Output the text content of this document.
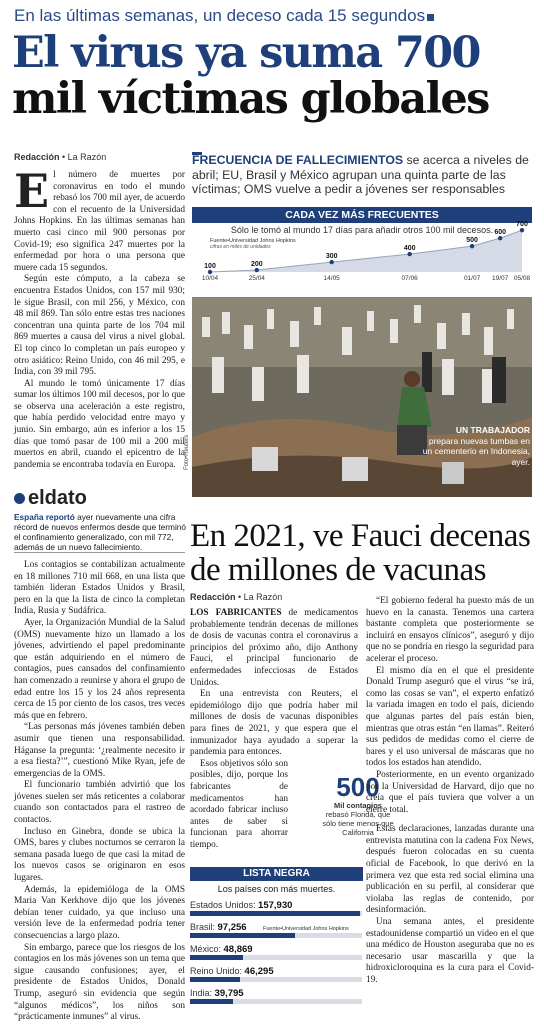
En las últimas semanas, un deceso cada 15 segundos
El virus ya suma 700
mil víctimas globales
Redacción • La Razón

El número de muertes por coronavirus en todo el mundo rebasó los 700 mil ayer, de acuerdo con el recuento de la Universidad Johns Hopkins. En las últimas semanas han muerto casi cinco mil 900 personas por Covid-19; eso significa 247 muertes por la enfermedad por hora o una persona que muere cada 15 segundos.

Según este cómputo, a la cabeza se encuentra Estados Unidos, con 157 mil 930; le sigue Brasil, con mil 256, y México, con 48 mil 869. Tan sólo entre estas tres naciones concentran una quinta parte de los 704 mil 869 muertes a causa del virus a nivel global. El top cinco lo completan un país europeo y otro asiático: Reino Unido, con 46 mil 295, e India, con 39 mil 795.

Al mundo le tomó únicamente 17 días sumar los últimos 100 mil decesos, por lo que se observa una aceleración a este registro, que había perdido velocidad entre mayo y junio. Sin embargo, aún es inferior a los 15 días que tomó pasar de 100 mil a 200 mil muertos en abril, cuando el epicentro de la pandemia se encontraba todavía en Europa.

eldato
España reportó ayer nuevamente una cifra récord de nuevos enfermos desde que terminó el confinamiento generalizado, con mil 772, además de un nuevo fallecimiento.

Los contagios se contabilizan actualmente en 18 millones 710 mil 668, en una lista que también lideran Estados Unidos y Brasil, pero en la que la lista de cinco la completan India, Rusia y Sudáfrica.

Ayer, la Organización Mundial de la Salud (OMS) nuevamente hizo un llamado a los jóvenes, advirtiendo el papel predominante que están adquiriendo en el número de contagios, pues cansados del confinamiento han comenzado a reunirse y ahora el grupo de edad entre los 15 y los 24 años representa cerca de 15 por ciento de los casos, tres veces más que en febrero.

“Las personas más jóvenes también deben asumir que tienen una responsabilidad. Háganse la pregunta: ‘¿realmente necesito ir a esa fiesta?’”, cuestionó Mike Ryan, jefe de emergencias de la OMS.

El funcionario también advirtió que los jóvenes suelen ser más reticentes a colaborar cuando son contactados para el rastreo de contactos.

Incluso en Ginebra, donde se ubica la OMS, bares y clubes nocturnos se cerraron la semana pasada luego de que casi la mitad de los nuevos casos se originaron en esos lugares.

Además, la epidemióloga de la OMS Maria Van Kerkhove dijo que los jóvenes debían tener cuidado, ya que incluso una versión leve de la enfermedad podría tener consecuencias a largo plazo.

Sin embargo, parece que los riesgos de los contagios en los más jóvenes son un tema que sigue causando confusiones; ayer, el presidente de Estados Unidos, Donald Trump, aseguró sin evidencia que según “algunos médicos”, los niños son “prácticamente inmunes” al virus.

FRECUENCIA DE FALLECIMIENTOS se acerca a niveles de abril; EU, Brasil y México agrupan una quinta parte de las víctimas; OMS vuelve a pedir a jóvenes ser responsables
CADA VEZ MÁS FRECUENTES
Sólo le tomó al mundo 17 días para añadir otros 100 mil decesos.
Fuente•Universidad Johns Hopkins
cifras en miles de unidades
100
10/04
200
25/04
300
14/05
400
07/06
500
01/07
600
19/07
700
05/08
UN TRABAJADOR
prepara nuevas tumbas en un cementerio en Indonesia, ayer.
Foto•Reuters
En 2021, ve Fauci decenas de millones de vacunas
Redacción • La Razón

LOS FABRICANTES de medicamentos probablemente tendrán decenas de millones de dosis de vacunas contra el coronavirus a principios del próximo año, dijo Anthony Fauci, el principal funcionario de enfermedades infecciosas de Estados Unidos.

En una entrevista con Reuters, el epidemiólogo dijo que podría haber mil millones de dosis de vacunas disponibles para fines de 2021, y que espera que el inmunizador haya ayudado a superar la pandemia para entonces.

Esos objetivos sólo son posibles, dijo, porque los fabricantes de medicamentos han acordado fabricar incluso antes de saber si funcionan para ahorrar tiempo.

500
Mil contagios rebasó Florida, que sólo tiene menos que California

“El gobierno federal ha puesto más de un huevo en la canasta. Tenemos una cartera bastante completa que posteriormente se incluirá en ensayos clínicos”, aseguró y dijo que no se pondría en riesgo la seguridad para acelerar el proceso.

El mismo día en el que el presidente Donald Trump aseguró que el virus “se irá, como las cosas se van”, el experto enfatizó la variada imagen en todo el país, diciendo que algunas partes del país están bien, mientras que otras están “en llamas”. Reiteró sus pedidos de medidas como el cierre de bares y el uso universal de máscaras que no todos los estados han atendido.

Posteriormente, en un evento organizado por la Universidad de Harvard, dijo que no creía que el país tuviera que volver a un cierre total.

Estas declaraciones, lanzadas durante una entrevista matutina con la cadena Fox News, después fueron colocadas en su cuenta oficial de Facebook, lo que derivó en la primera vez que esta red social elimina una publicación en su perfil, al considerar que violaba las reglas de contenido, por desinformación.

Una semana antes, el presidente estadounidense compartió un video en el que una médico de Houston aseguraba que no es necesario usar mascarilla y que la hidroxicloroquina es la cura para el Covid-19.

LISTA NEGRA
Los países con más muertes.
Estados Unidos: 157,930
Brasil: 97,256
México: 48,869
Reino Unido: 46,295
India: 39,795
Fuente•Universidad Johns Hopkins
